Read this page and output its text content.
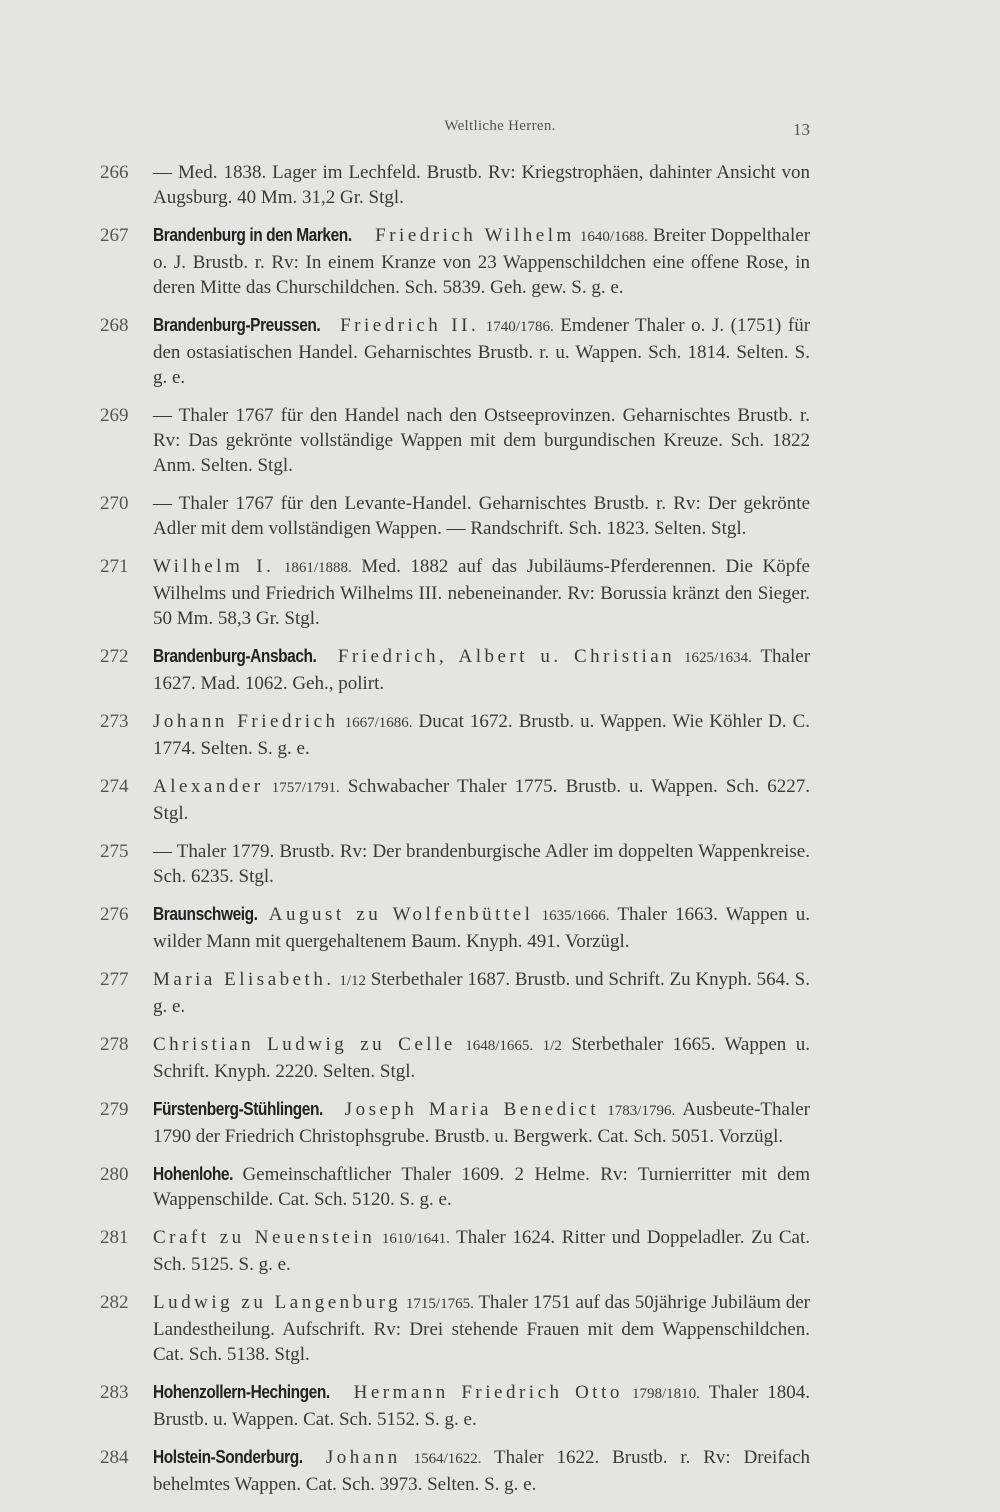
Weltliche Herren.	13
266	— Med. 1838. Lager im Lechfeld. Brustb. Rv: Kriegstrophäen, dahinter Ansicht von Augsburg. 40 Mm. 31,2 Gr. Stgl.
267	Brandenburg in den Marken. Friedrich Wilhelm 1640/1688. Breiter Doppelthaler o. J. Brustb. r. Rv: In einem Kranze von 23 Wappenschildchen eine offene Rose, in deren Mitte das Churschildchen. Sch. 5839. Geh. gew. S. g. e.
268	Brandenburg-Preussen. Friedrich II. 1740/1786. Emdener Thaler o. J. (1751) für den ostasiatischen Handel. Geharnischtes Brustb. r. u. Wappen. Sch. 1814. Selten. S. g. e.
269	— Thaler 1767 für den Handel nach den Ostseeprovinzen. Geharnischtes Brustb. r. Rv: Das gekrönte vollständige Wappen mit dem burgundischen Kreuze. Sch. 1822 Anm. Selten. Stgl.
270	— Thaler 1767 für den Levante-Handel. Geharnischtes Brustb. r. Rv: Der gekrönte Adler mit dem vollständigen Wappen. — Randschrift. Sch. 1823. Selten. Stgl.
271	Wilhelm I. 1861/1888. Med. 1882 auf das Jubiläums-Pferderennen. Die Köpfe Wilhelms und Friedrich Wilhelms III. nebeneinander. Rv: Borussia kränzt den Sieger. 50 Mm. 58,3 Gr. Stgl.
272	Brandenburg-Ansbach. Friedrich, Albert u. Christian 1625/1634. Thaler 1627. Mad. 1062. Geh., polirt.
273	Johann Friedrich 1667/1686. Ducat 1672. Brustb. u. Wappen. Wie Köhler D. C. 1774. Selten. S. g. e.
274	Alexander 1757/1791. Schwabacher Thaler 1775. Brustb. u. Wappen. Sch. 6227. Stgl.
275	— Thaler 1779. Brustb. Rv: Der brandenburgische Adler im doppelten Wappenkreise. Sch. 6235. Stgl.
276	Braunschweig. August zu Wolfenbüttel 1635/1666. Thaler 1663. Wappen u. wilder Mann mit quergehaltenem Baum. Knyph. 491. Vorzügl.
277	Maria Elisabeth. 1/12 Sterbethaler 1687. Brustb. und Schrift. Zu Knyph. 564. S. g. e.
278	Christian Ludwig zu Celle 1648/1665. 1/2 Sterbethaler 1665. Wappen u. Schrift. Knyph. 2220. Selten. Stgl.
279	Fürstenberg-Stühlingen. Joseph Maria Benedict 1783/1796. Ausbeute-Thaler 1790 der Friedrich Christophsgrube. Brustb. u. Bergwerk. Cat. Sch. 5051. Vorzügl.
280	Hohenlohe. Gemeinschaftlicher Thaler 1609. 2 Helme. Rv: Turnierritter mit dem Wappenschilde. Cat. Sch. 5120. S. g. e.
281	Craft zu Neuenstein 1610/1641. Thaler 1624. Ritter und Doppeladler. Zu Cat. Sch. 5125. S. g. e.
282	Ludwig zu Langenburg 1715/1765. Thaler 1751 auf das 50jährige Jubiläum der Landestheilung. Aufschrift. Rv: Drei stehende Frauen mit dem Wappenschildchen. Cat. Sch. 5138. Stgl.
283	Hohenzollern-Hechingen. Hermann Friedrich Otto 1798/1810. Thaler 1804. Brustb. u. Wappen. Cat. Sch. 5152. S. g. e.
284	Holstein-Sonderburg. Johann 1564/1622. Thaler 1622. Brustb. r. Rv: Dreifach behelmtes Wappen. Cat. Sch. 3973. Selten. S. g. e.
